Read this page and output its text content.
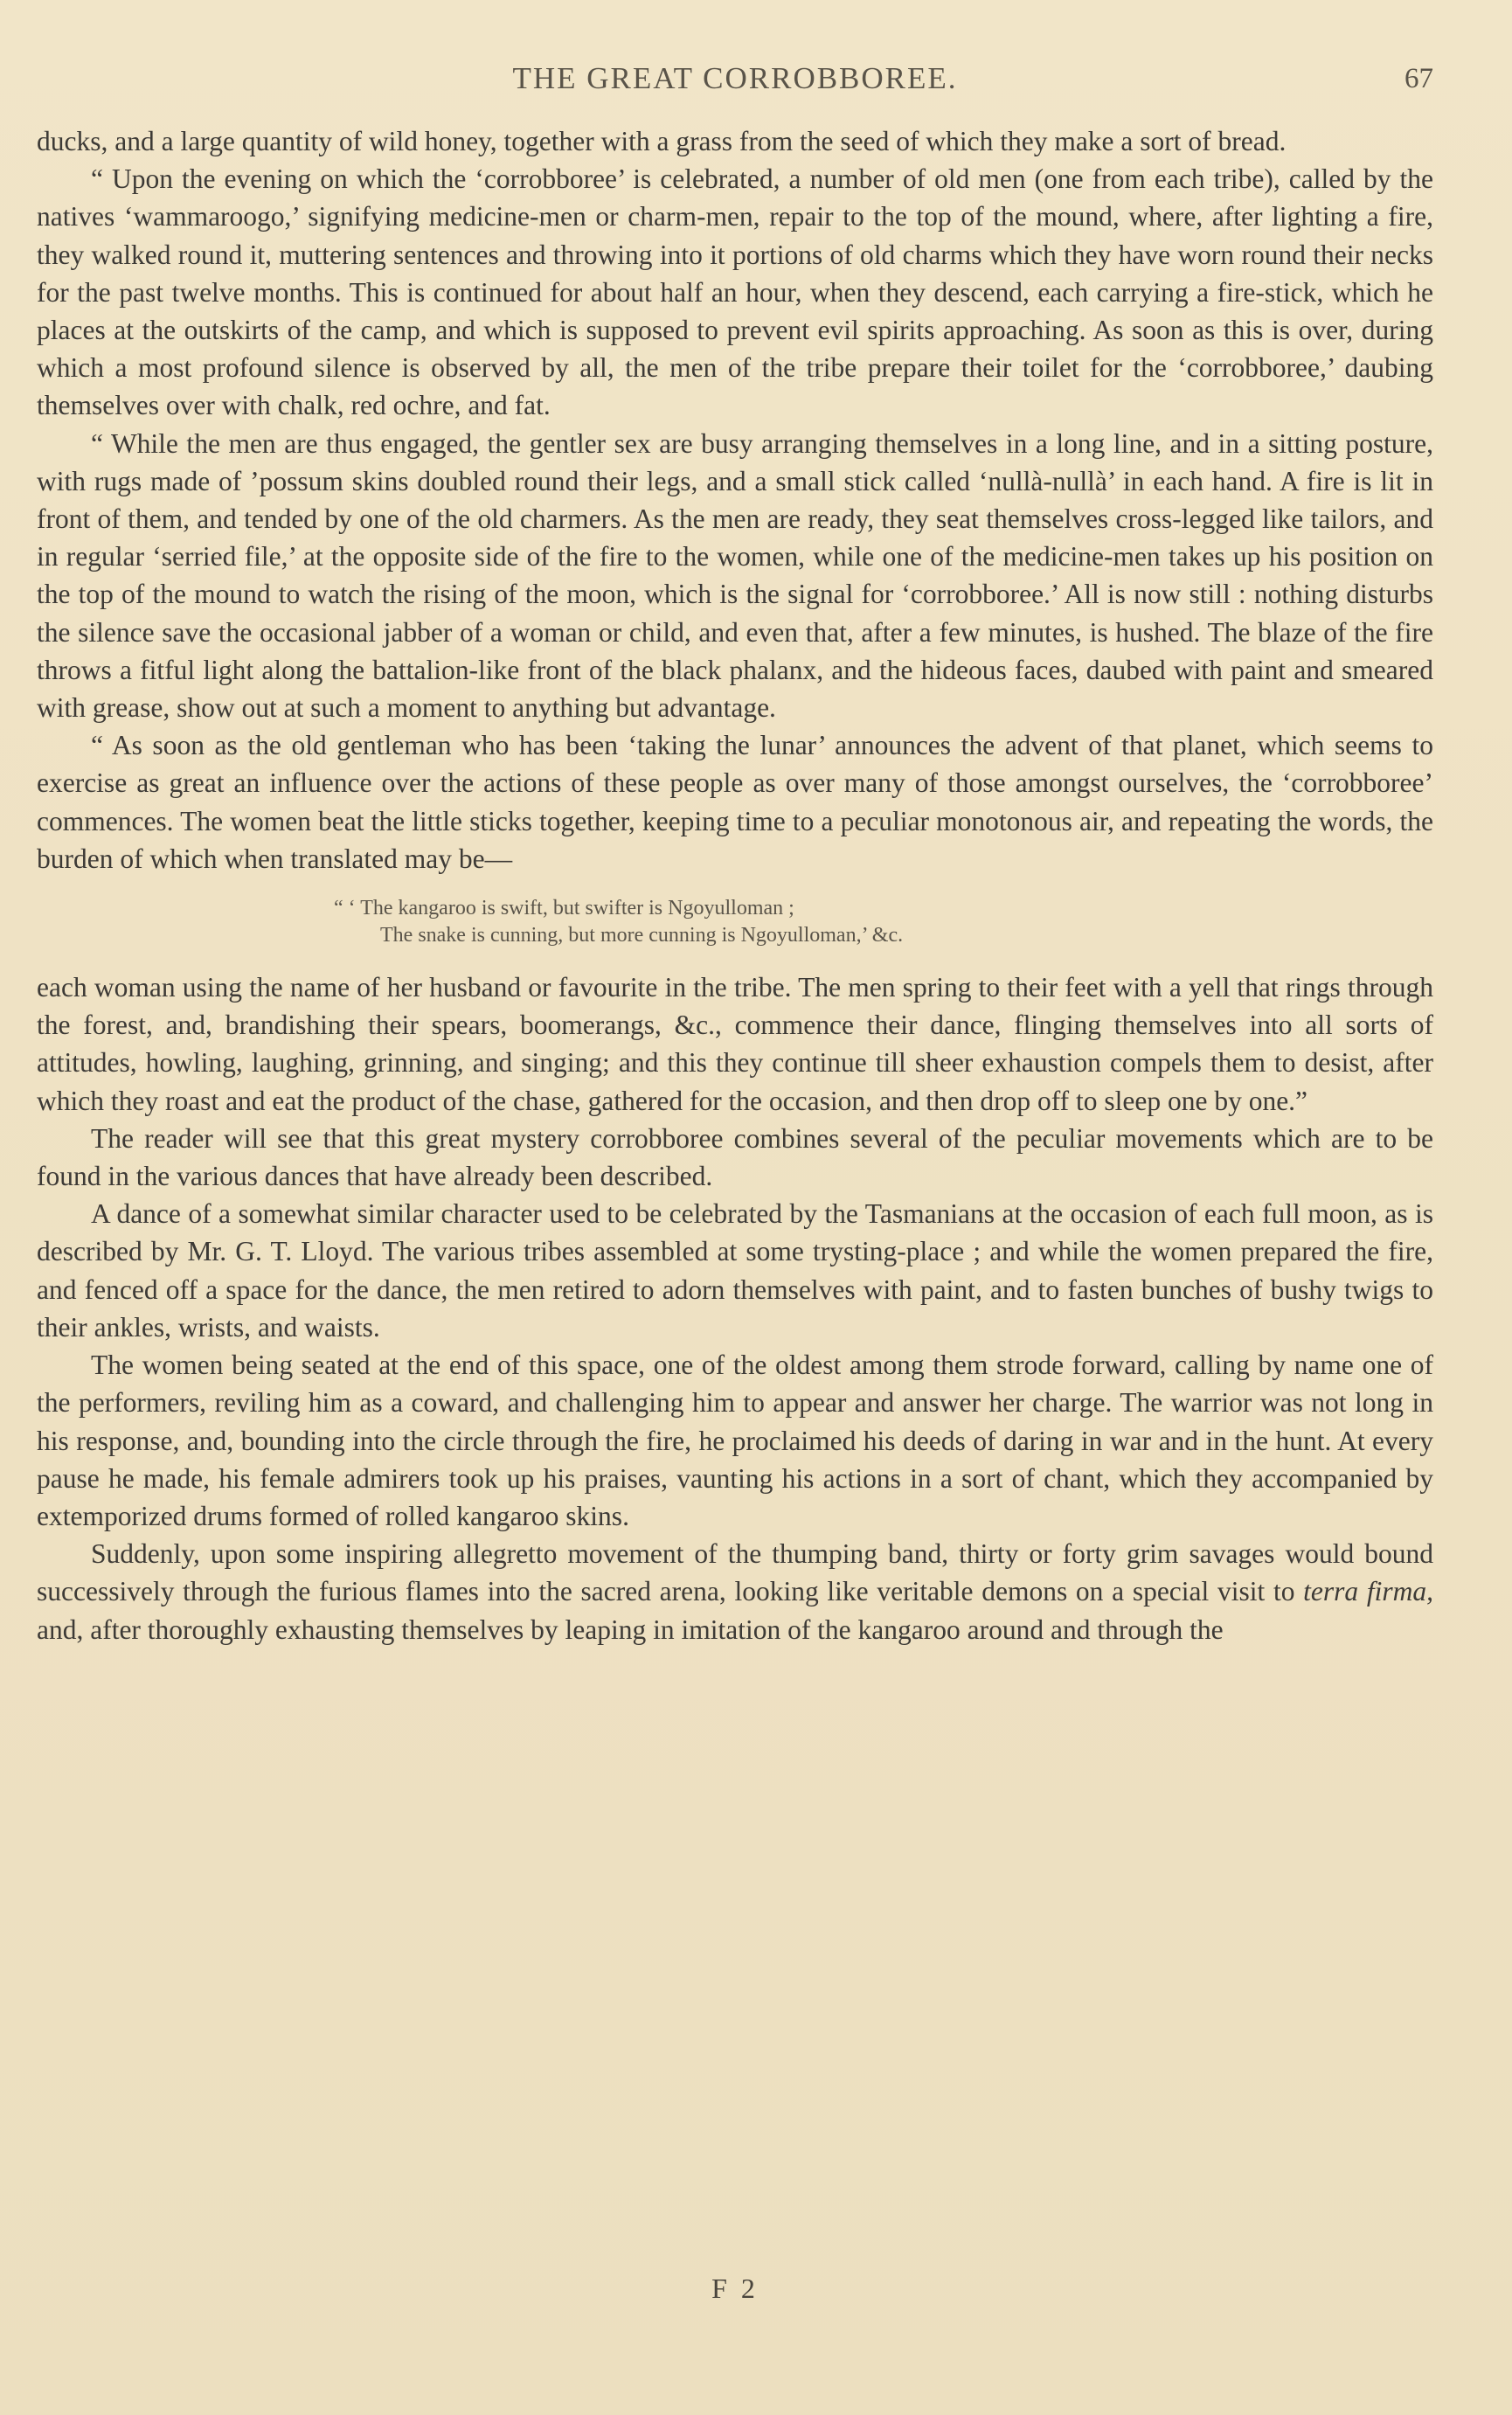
THE GREAT CORROBBOREE.	67

ducks, and a large quantity of wild honey, together with a grass from the seed of which they make a sort of bread.

“ Upon the evening on which the ‘corrobboree’ is celebrated, a number of old men (one from each tribe), called by the natives ‘wammaroogo,’ signifying medicine-men or charm-men, repair to the top of the mound, where, after lighting a fire, they walked round it, muttering sentences and throwing into it portions of old charms which they have worn round their necks for the past twelve months. This is continued for about half an hour, when they descend, each carrying a fire-stick, which he places at the outskirts of the camp, and which is supposed to prevent evil spirits approaching. As soon as this is over, during which a most profound silence is observed by all, the men of the tribe prepare their toilet for the ‘corrobboree,’ daubing themselves over with chalk, red ochre, and fat.

“ While the men are thus engaged, the gentler sex are busy arranging themselves in a long line, and in a sitting posture, with rugs made of ’possum skins doubled round their legs, and a small stick called ‘nullà-nullà’ in each hand. A fire is lit in front of them, and tended by one of the old charmers. As the men are ready, they seat themselves cross-legged like tailors, and in regular ‘serried file,’ at the opposite side of the fire to the women, while one of the medicine-men takes up his position on the top of the mound to watch the rising of the moon, which is the signal for ‘corrobboree.’ All is now still : nothing disturbs the silence save the occasional jabber of a woman or child, and even that, after a few minutes, is hushed. The blaze of the fire throws a fitful light along the battalion-like front of the black phalanx, and the hideous faces, daubed with paint and smeared with grease, show out at such a moment to anything but advantage.

“ As soon as the old gentleman who has been ‘taking the lunar’ announces the advent of that planet, which seems to exercise as great an influence over the actions of these people as over many of those amongst ourselves, the ‘corrobboree’ commences. The women beat the little sticks together, keeping time to a peculiar monotonous air, and repeating the words, the burden of which when translated may be—

“ ‘ The kangaroo is swift, but swifter is Ngoyulloman ;
The snake is cunning, but more cunning is Ngoyulloman,’ &c.

each woman using the name of her husband or favourite in the tribe. The men spring to their feet with a yell that rings through the forest, and, brandishing their spears, boomerangs, &c., commence their dance, flinging themselves into all sorts of attitudes, howling, laughing, grinning, and singing; and this they continue till sheer exhaustion compels them to desist, after which they roast and eat the product of the chase, gathered for the occasion, and then drop off to sleep one by one.”

The reader will see that this great mystery corrobboree combines several of the peculiar movements which are to be found in the various dances that have already been described.

A dance of a somewhat similar character used to be celebrated by the Tasmanians at the occasion of each full moon, as is described by Mr. G. T. Lloyd. The various tribes assembled at some trysting-place ; and while the women prepared the fire, and fenced off a space for the dance, the men retired to adorn themselves with paint, and to fasten bunches of bushy twigs to their ankles, wrists, and waists.

The women being seated at the end of this space, one of the oldest among them strode forward, calling by name one of the performers, reviling him as a coward, and challenging him to appear and answer her charge. The warrior was not long in his response, and, bounding into the circle through the fire, he proclaimed his deeds of daring in war and in the hunt. At every pause he made, his female admirers took up his praises, vaunting his actions in a sort of chant, which they accompanied by extemporized drums formed of rolled kangaroo skins.

Suddenly, upon some inspiring allegretto movement of the thumping band, thirty or forty grim savages would bound successively through the furious flames into the sacred arena, looking like veritable demons on a special visit to terra firma, and, after thoroughly exhausting themselves by leaping in imitation of the kangaroo around and through the

F 2
